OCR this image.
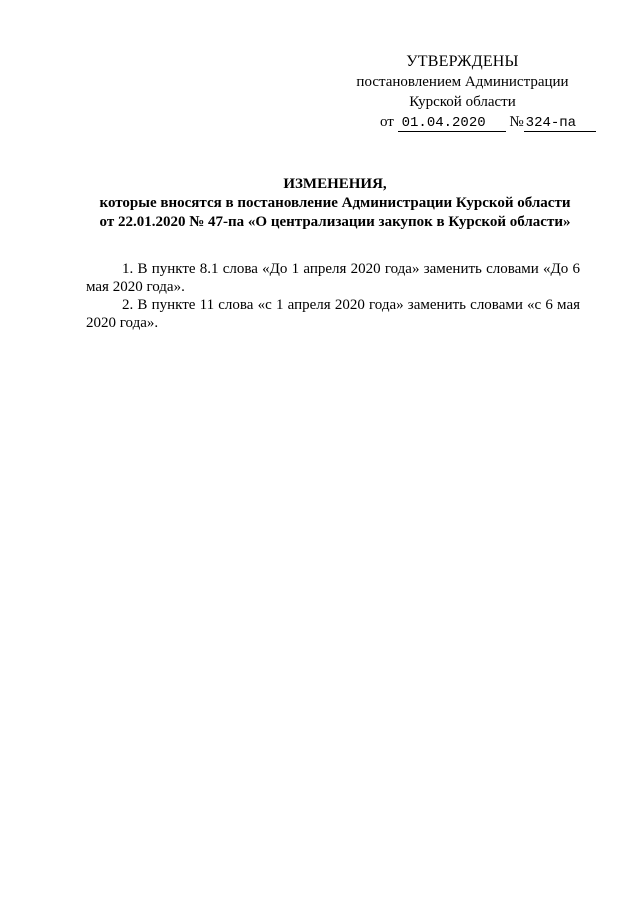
УТВЕРЖДЕНЫ
постановлением Администрации
Курской области
от 01.04.2020 № 324-па
ИЗМЕНЕНИЯ,
которые вносятся в постановление Администрации Курской области
от 22.01.2020 № 47-па «О централизации закупок в Курской области»

1. В пункте 8.1 слова «До 1 апреля 2020 года» заменить словами «До 6 мая 2020 года».

2. В пункте 11 слова «с 1 апреля 2020 года» заменить словами «с 6 мая 2020 года».
